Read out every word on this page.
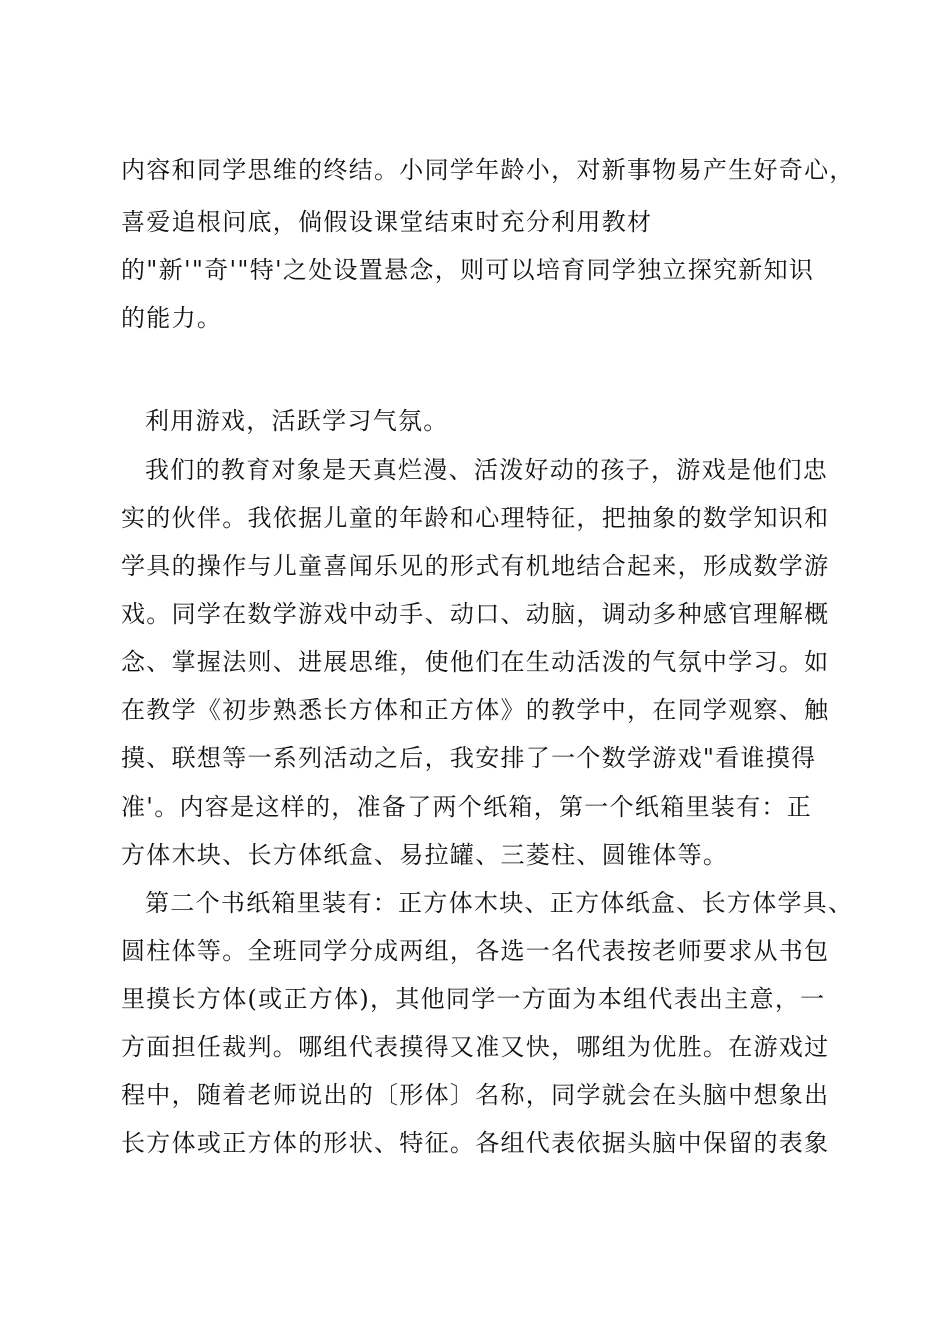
内容和同学思维的终结。小同学年龄小，对新事物易产生好奇心，
喜爱追根问底，倘假设课堂结束时充分利用教材
的"新'"奇'"特'之处设置悬念，则可以培育同学独立探究新知识
的能力。
利用游戏，活跃学习气氛。
我们的教育对象是天真烂漫、活泼好动的孩子，游戏是他们忠
实的伙伴。我依据儿童的年龄和心理特征，把抽象的数学知识和
学具的操作与儿童喜闻乐见的形式有机地结合起来，形成数学游
戏。同学在数学游戏中动手、动口、动脑，调动多种感官理解概
念、掌握法则、进展思维，使他们在生动活泼的气氛中学习。如
在教学《初步熟悉长方体和正方体》的教学中，在同学观察、触
摸、联想等一系列活动之后，我安排了一个数学游戏"看谁摸得
准'。内容是这样的，准备了两个纸箱，第一个纸箱里装有：正
方体木块、长方体纸盒、易拉罐、三菱柱、圆锥体等。
第二个书纸箱里装有：正方体木块、正方体纸盒、长方体学具、
圆柱体等。全班同学分成两组，各选一名代表按老师要求从书包
里摸长方体(或正方体)，其他同学一方面为本组代表出主意，一
方面担任裁判。哪组代表摸得又准又快，哪组为优胜。在游戏过
程中，随着老师说出的〔形体〕名称，同学就会在头脑中想象出
长方体或正方体的形状、特征。各组代表依据头脑中保留的表象
